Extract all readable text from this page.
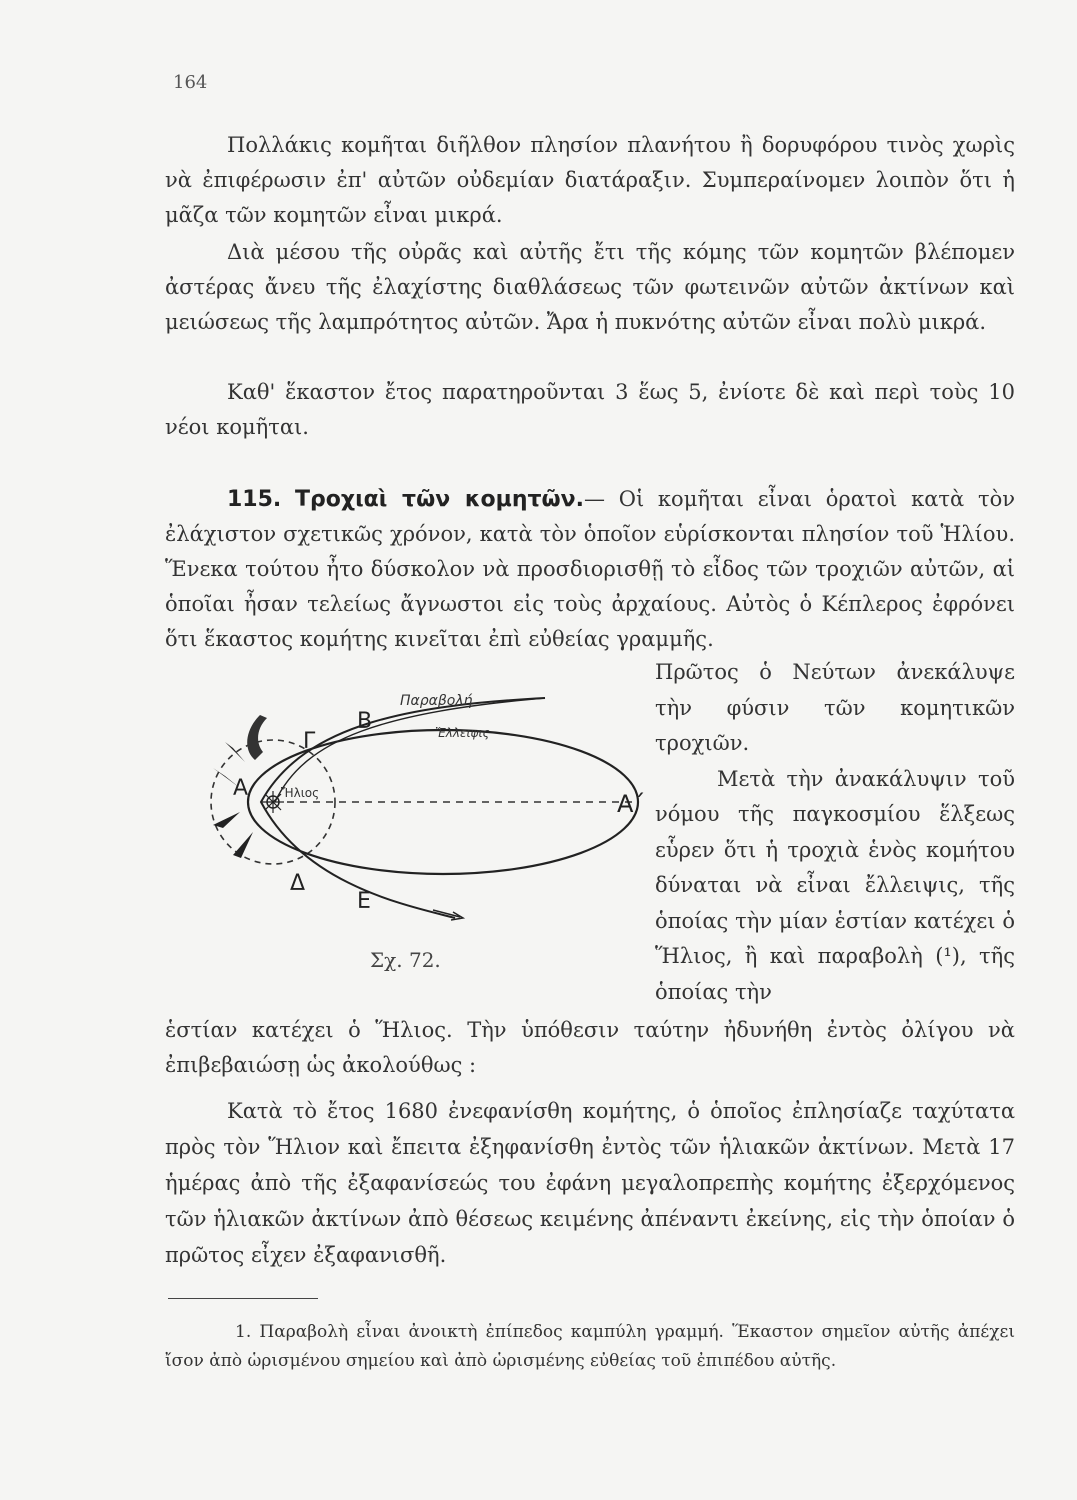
164

Πολλάκις κομῆται διῆλθον πλησίον πλανήτου ἢ δορυφόρου τινὸς χωρὶς νὰ ἐπιφέρωσιν ἐπ' αὐτῶν οὐδεμίαν διατάραξιν. Συμπεραίνομεν λοιπὸν ὅτι ἡ μᾶζα τῶν κομητῶν εἶναι μικρά.

Διὰ μέσου τῆς οὐρᾶς καὶ αὐτῆς ἔτι τῆς κόμης τῶν κομητῶν βλέπομεν ἀστέρας ἄνευ τῆς ἐλαχίστης διαθλάσεως τῶν φωτεινῶν αὐτῶν ἀκτίνων καὶ μειώσεως τῆς λαμπρότητος αὐτῶν. Ἄρα ἡ πυκνότης αὐτῶν εἶναι πολὺ μικρά.

Καθ' ἕκαστον ἔτος παρατηροῦνται 3 ἕως 5, ἐνίοτε δὲ καὶ περὶ τοὺς 10 νέοι κομῆται.

115. Τροχιαὶ τῶν κομητῶν.— Οἱ κομῆται εἶναι ὁρατοὶ κατὰ τὸν ἐλάχιστον σχετικῶς χρόνον, κατὰ τὸν ὁποῖον εὑρίσκονται πλησίον τοῦ Ἡλίου. Ἕνεκα τούτου ἦτο δύσκολον νὰ προσδιορισθῇ τὸ εἶδος τῶν τροχιῶν αὐτῶν, αἱ ὁποῖαι ἦσαν τελείως ἄγνωστοι εἰς τοὺς ἀρχαίους. Αὐτὸς ὁ Κέπλερος ἐφρόνει ὅτι ἕκαστος κομήτης κινεῖται ἐπὶ εὐθείας γραμμῆς.

Παραβολή
Ἔλλειψις
Β
Γ
Α	Ἥλιος	Α΄
Δ
Ε
Σχ. 72.

Πρῶτος ὁ Νεύτων ἀνεκάλυψε τὴν φύσιν τῶν κομητικῶν τροχιῶν.
Μετὰ τὴν ἀνακάλυψιν τοῦ νόμου τῆς παγκοσμίου ἕλξεως εὗρεν ὅτι ἡ τροχιὰ ἑνὸς κομήτου δύναται νὰ εἶναι ἔλλειψις, τῆς ὁποίας τὴν μίαν ἑστίαν κατέχει ὁ Ἥλιος, ἢ καὶ παραβολὴ (¹), τῆς ὁποίας τὴν

ἑστίαν κατέχει ὁ Ἥλιος. Τὴν ὑπόθεσιν ταύτην ἠδυνήθη ἐντὸς ὀλίγου νὰ ἐπιβεβαιώσῃ ὡς ἀκολούθως :

Κατὰ τὸ ἔτος 1680 ἐνεφανίσθη κομήτης, ὁ ὁποῖος ἐπλησίαζε ταχύτατα πρὸς τὸν Ἥλιον καὶ ἔπειτα ἐξηφανίσθη ἐντὸς τῶν ἡλιακῶν ἀκτίνων. Μετὰ 17 ἡμέρας ἀπὸ τῆς ἐξαφανίσεώς του ἐφάνη μεγαλοπρεπὴς κομήτης ἐξερχόμενος τῶν ἡλιακῶν ἀκτίνων ἀπὸ θέσεως κειμένης ἀπέναντι ἐκείνης, εἰς τὴν ὁποίαν ὁ πρῶτος εἶχεν ἐξαφανισθῆ.

1. Παραβολὴ εἶναι ἀνοικτὴ ἐπίπεδος καμπύλη γραμμή. Ἕκαστον σημεῖον αὐτῆς ἀπέχει ἴσον ἀπὸ ὡρισμένου σημείου καὶ ἀπὸ ὡρισμένης εὐθείας τοῦ ἐπιπέδου αὐτῆς.
